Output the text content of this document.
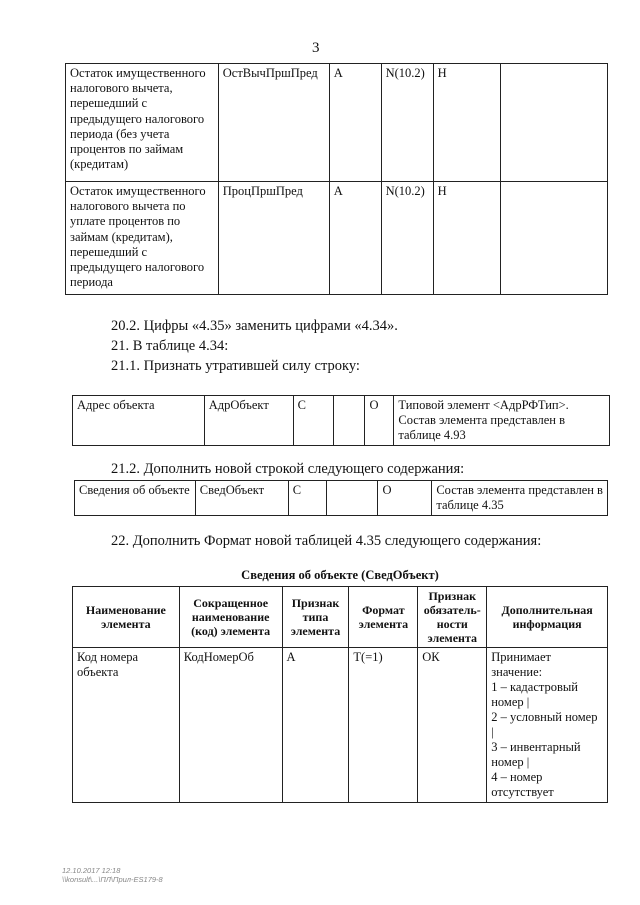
3
Остаток имущественного налогового вычета, перешедший с предыдущего налогового периода (без учета процентов по займам (кредитам)	ОстВычПршПред	А	N(10.2)	Н	
Остаток имущественного налогового вычета по уплате процентов по займам (кредитам), перешедший с предыдущего налогового периода	ПроцПршПред	А	N(10.2)	Н	
20.2. Цифры «4.35» заменить цифрами «4.34».
21. В таблице 4.34:
21.1. Признать утратившей силу строку:
Адрес объекта	АдрОбъект	С		О	Типовой элемент <АдрРФТип>. Состав элемента представлен в таблице 4.93
21.2. Дополнить новой строкой следующего содержания:
Сведения об объекте	СведОбъект	С		О	Состав элемента представлен в таблице 4.35
22. Дополнить Формат новой таблицей 4.35 следующего содержания:
Сведения об объекте (СведОбъект)
Наименование элемента	Сокращенное наименование (код) элемента	Признак типа элемента	Формат элемента	Признак обязатель-ности элемента	Дополнительная информация
Код номера объекта	КодНомерОб	А	Т(=1)	ОК	Принимает значение:
1 – кадастровый номер |
2 – условный номер |
3 – инвентарный номер |
4 – номер отсутствует
12.10.2017 12:18
\\konsult\...\ПЛ\Прил-ЕЅ179-8
